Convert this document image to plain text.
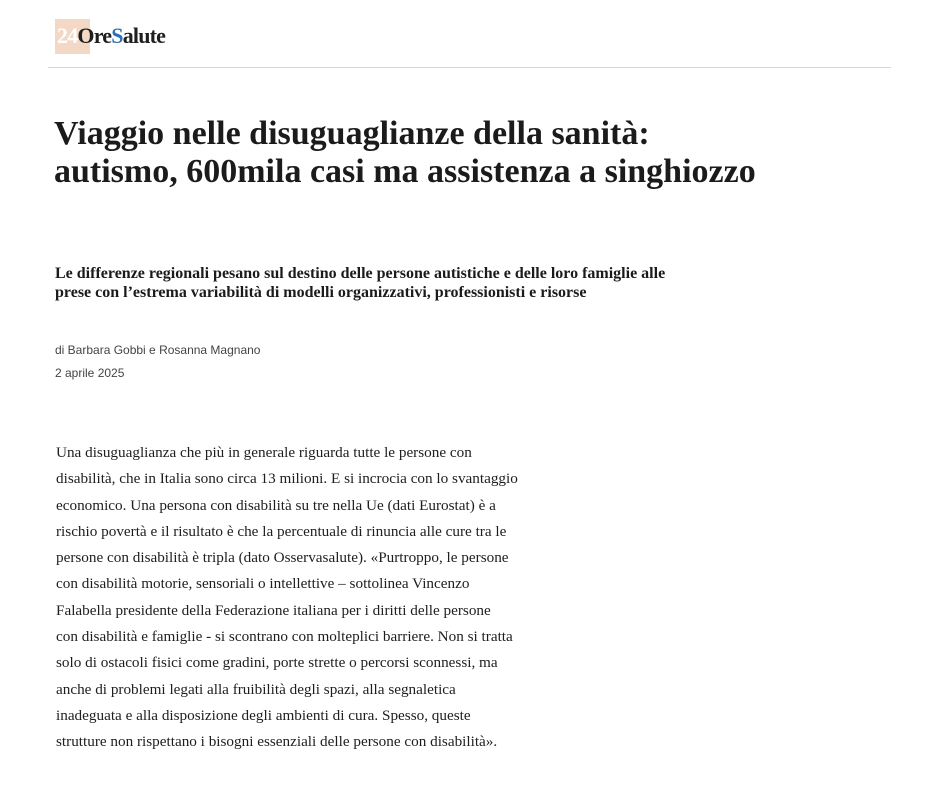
24 Ore S alute
Viaggio nelle disuguaglianze della sanità: autismo, 600mila casi ma assistenza a singhiozzo

Le differenze regionali pesano sul destino delle persone autistiche e delle loro famiglie alle prese con l’estrema variabilità di modelli organizzativi, professionisti e risorse

di Barbara Gobbi e Rosanna Magnano
2 aprile 2025
Una disuguaglianza che più in generale riguarda tutte le persone con
disabilità, che in Italia sono circa 13 milioni. E si incrocia con lo svantaggio
economico. Una persona con disabilità su tre nella Ue (dati Eurostat) è a
rischio povertà e il risultato è che la percentuale di rinuncia alle cure tra le
persone con disabilità è tripla (dato Osservasalute). «Purtroppo, le persone
con disabilità motorie, sensoriali o intellettive – sottolinea Vincenzo
Falabella presidente della Federazione italiana per i diritti delle persone
con disabilità e famiglie - si scontrano con molteplici barriere. Non si tratta
solo di ostacoli fisici come gradini, porte strette o percorsi sconnessi, ma
anche di problemi legati alla fruibilità degli spazi, alla segnaletica
inadeguata e alla disposizione degli ambienti di cura. Spesso, queste
strutture non rispettano i bisogni essenziali delle persone con disabilità».
